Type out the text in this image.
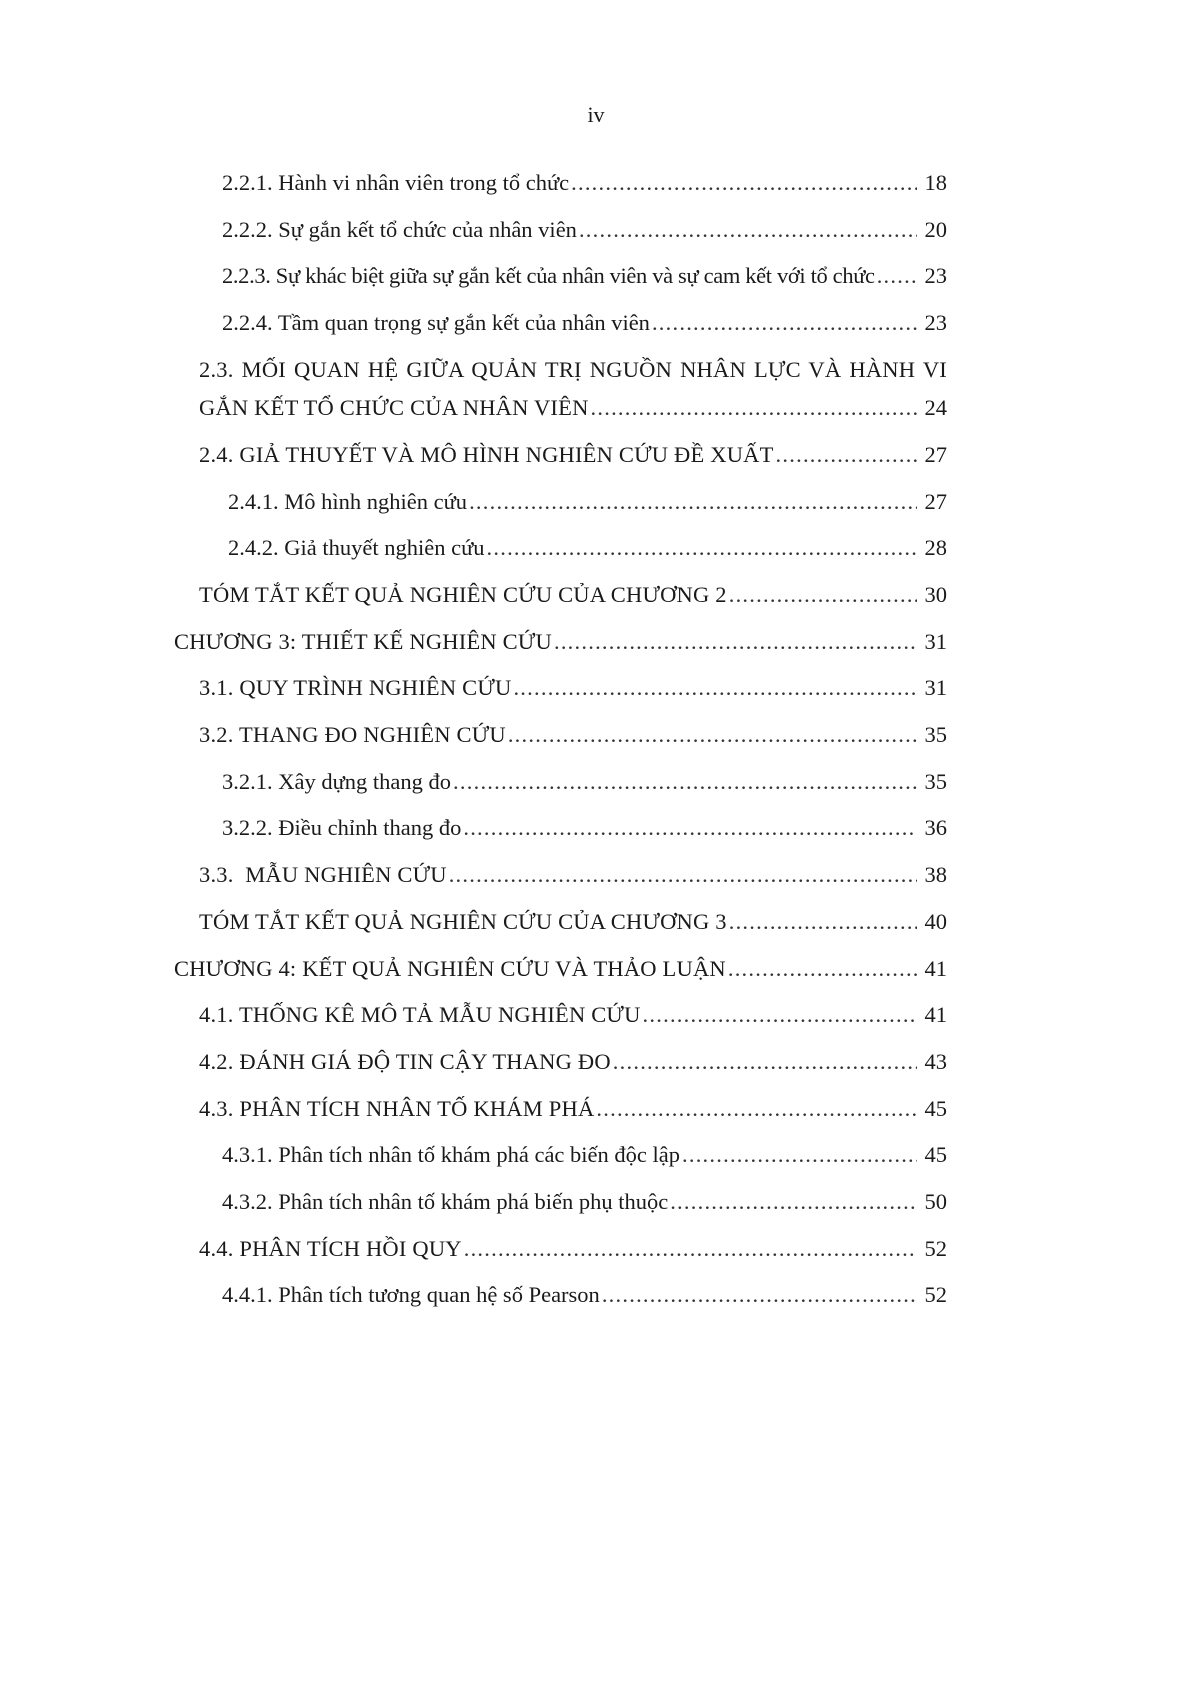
iv
2.2.1. Hành vi nhân viên trong tổ chức . . .	18
2.2.2. Sự gắn kết tổ chức của nhân viên . . .	20
2.2.3. Sự khác biệt giữa sự gắn kết của nhân viên và sự cam kết với tổ chức . . . 23
2.2.4. Tầm quan trọng sự gắn kết của nhân viên . . .	23
2.3. MỐI QUAN HỆ GIỮA QUẢN TRỊ NGUỒN NHÂN LỰC VÀ HÀNH VI
GẮN KẾT TỔ CHỨC CỦA NHÂN VIÊN . . .	24
2.4. GIẢ THUYẾT VÀ MÔ HÌNH NGHIÊN CỨU ĐỀ XUẤT . . .	27
2.4.1. Mô hình nghiên cứu . . .	27
2.4.2. Giả thuyết nghiên cứu . . .	28
TÓM TẮT KẾT QUẢ NGHIÊN CỨU CỦA CHƯƠNG 2 . . .	30
CHƯƠNG 3: THIẾT KẾ NGHIÊN CỨU . . .	31
3.1. QUY TRÌNH NGHIÊN CỨU . . .	31
3.2. THANG ĐO NGHIÊN CỨU . . .	35
3.2.1. Xây dựng thang đo . . .	35
3.2.2. Điều chỉnh thang đo . . .	36
3.3.  MẪU NGHIÊN CỨU . . .	38
TÓM TẮT KẾT QUẢ NGHIÊN CỨU CỦA CHƯƠNG 3 . . .	40
CHƯƠNG 4: KẾT QUẢ NGHIÊN CỨU VÀ THẢO LUẬN . . .	41
4.1. THỐNG KÊ MÔ TẢ MẪU NGHIÊN CỨU . . .	41
4.2. ĐÁNH GIÁ ĐỘ TIN CẬY THANG ĐO . . .	43
4.3. PHÂN TÍCH NHÂN TỐ KHÁM PHÁ . . .	45
4.3.1. Phân tích nhân tố khám phá các biến độc lập . . .	45
4.3.2. Phân tích nhân tố khám phá biến phụ thuộc . . .	50
4.4. PHÂN TÍCH HỒI QUY . . .	52
4.4.1. Phân tích tương quan hệ số Pearson . . .	52
